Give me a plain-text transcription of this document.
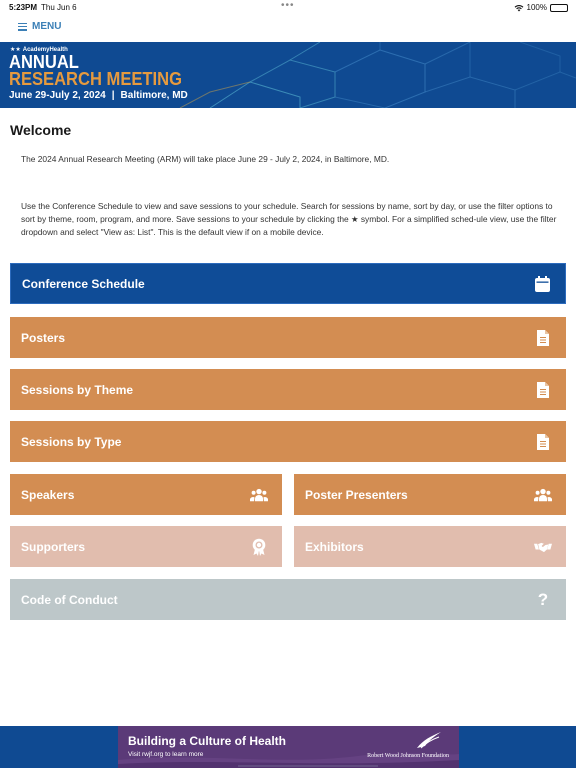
5:23PM Thu Jun 6	•••	100%
MENU
★★ AcademyHealth
ANNUAL
RESEARCH MEETING
June 29-July 2, 2024 | Baltimore, MD
Welcome

The 2024 Annual Research Meeting (ARM) will take place June 29 - July 2, 2024, in Baltimore, MD.

Use the Conference Schedule to view and save sessions to your schedule. Search for sessions by name, sort by day, or use the filter options to sort by theme, room, program, and more. Save sessions to your schedule by clicking the ★ symbol. For a simplified sched-ule view, use the filter dropdown and select "View as: List". This is the default view if on a mobile device.

Conference Schedule
Posters
Sessions by Theme
Sessions by Type
Speakers	Poster Presenters
Supporters	Exhibitors
Code of Conduct	?
Building a Culture of Health
Visit rwjf.org to learn more	Robert Wood Johnson Foundation
